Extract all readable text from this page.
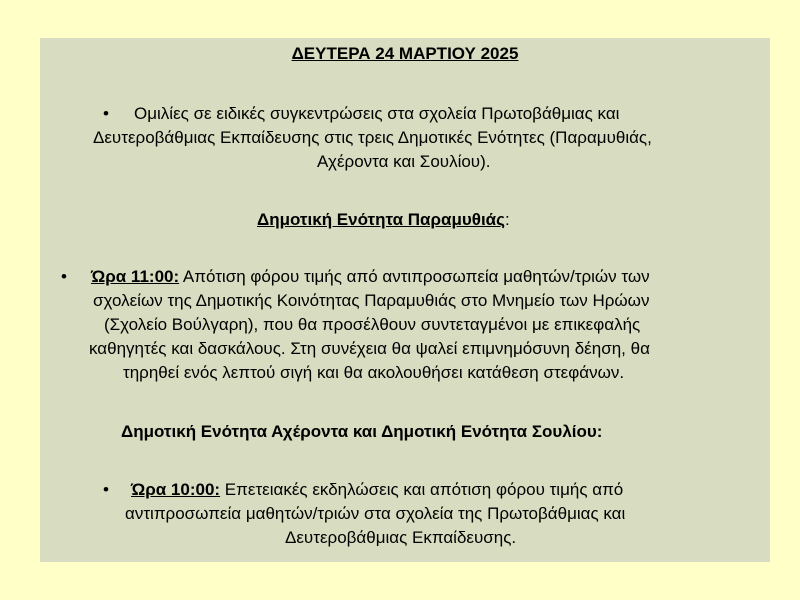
ΔΕΥΤΕΡΑ 24 ΜΑΡΤΙΟΥ 2025
• Ομιλίες σε ειδικές συγκεντρώσεις στα σχολεία Πρωτοβάθμιας και
Δευτεροβάθμιας Εκπαίδευσης στις τρεις Δημοτικές Ενότητες (Παραμυθιάς,
Αχέροντα και Σουλίου).
Δημοτική Ενότητα Παραμυθιάς:
• Ώρα 11:00: Απότιση φόρου τιμής από αντιπροσωπεία μαθητών/τριών των
σχολείων της Δημοτικής Κοινότητας Παραμυθιάς στο Μνημείο των Ηρώων
(Σχολείο Βούλγαρη), που θα προσέλθουν συντεταγμένοι με επικεφαλής
καθηγητές και δασκάλους. Στη συνέχεια θα ψαλεί επιμνημόσυνη δέηση, θα
τηρηθεί ενός λεπτού σιγή και θα ακολουθήσει κατάθεση στεφάνων.
Δημοτική Ενότητα Αχέροντα και Δημοτική Ενότητα Σουλίου:
• Ώρα 10:00: Επετειακές εκδηλώσεις και απότιση φόρου τιμής από
αντιπροσωπεία μαθητών/τριών στα σχολεία της Πρωτοβάθμιας και
Δευτεροβάθμιας Εκπαίδευσης.
